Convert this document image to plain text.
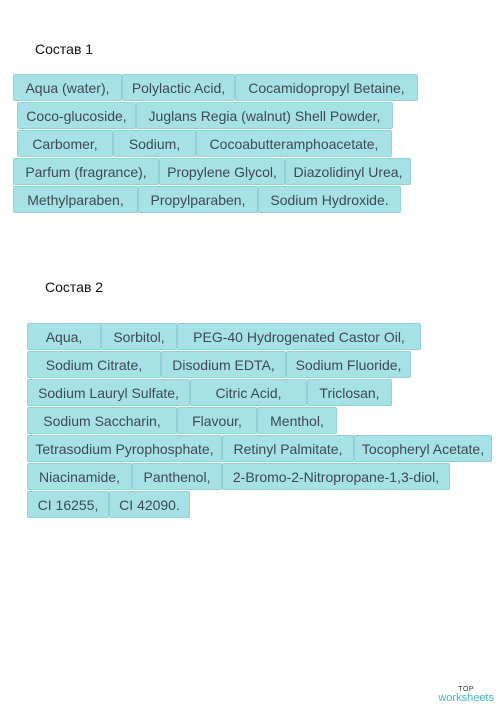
Состав 1
Aqua (water),	Polylactic Acid,	Cocamidopropyl Betaine,
Coco-glucoside,	Juglans Regia (walnut) Shell Powder,
Carbomer,	Sodium,	Cocoabutteramphoacetate,
Parfum (fragrance),	Propylene Glycol,	Diazolidinyl Urea,
Methylparaben,	Propylparaben,	Sodium Hydroxide.
Состав 2
Aqua,	Sorbitol,	PEG-40 Hydrogenated Castor Oil,
Sodium Citrate,	Disodium EDTA,	Sodium Fluoride,
Sodium Lauryl Sulfate,	Citric Acid,	Triclosan,
Sodium Saccharin,	Flavour,	Menthol,
Tetrasodium Pyrophosphate,	Retinyl Palmitate,	Tocopheryl Acetate,
Niacinamide,	Panthenol,	2-Bromo-2-Nitropropane-1,3-diol,
CI 16255,	CI 42090.
TOP
worksheets
